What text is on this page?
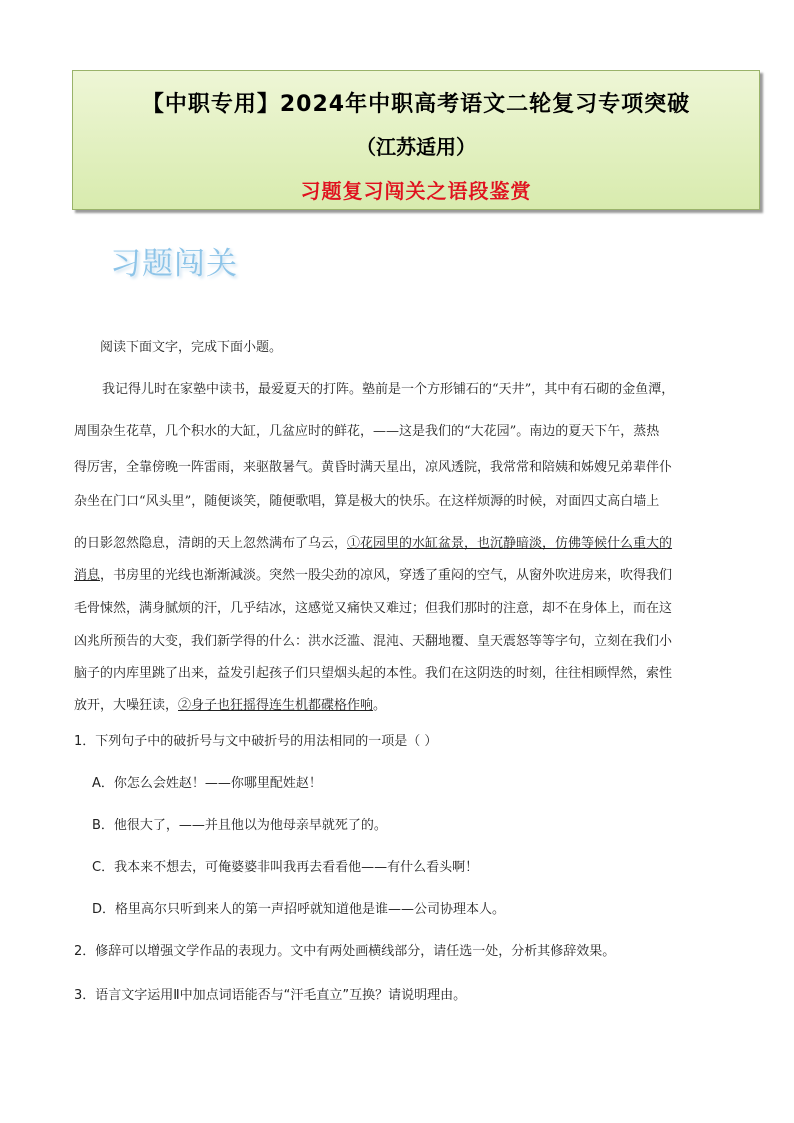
【中职专用】2024年中职高考语文二轮复习专项突破
（江苏适用）
习题复习闯关之语段鉴赏
习题闯关
阅读下面文字，完成下面小题。
我记得儿时在家塾中读书，最爱夏天的打阵。塾前是一个方形铺石的“天井”，其中有石砌的金鱼潭，
周围杂生花草，几个积水的大缸，几盆应时的鲜花，——这是我们的“大花园”。南边的夏天下午，蒸热
得厉害，全靠傍晚一阵雷雨，来驱散暑气。黄昏时满天星出，凉风透院，我常常和陪姨和姊嫂兄弟辈伴仆
杂坐在门口“风头里”，随便谈笑，随便歌唱，算是极大的快乐。在这样烦溽的时候，对面四丈高白墙上
的日影忽然隐息，清朗的天上忽然满布了乌云，①花园里的水缸盆景，也沉静暗淡，仿佛等候什么重大的
消息，书房里的光线也渐渐減淡。突然一股尖劲的凉风，穿透了重闷的空气，从窗外吹进房来，吹得我们
毛骨悚然，满身腻烦的汗，几乎结冰，这感觉又痛快又难过；但我们那时的注意，却不在身体上，而在这
凶兆所预告的大变，我们新学得的什么：洪水泛滥、混沌、天翻地覆、皇天震怒等等字句，立刻在我们小
脑子的内库里跳了出来，益发引起孩子们只望烟头起的本性。我们在这阴迭的时刻，往往相顾悍然，索性
放开，大噪狂读，②身子也狂摇得连生机都碟格作响。
1．下列句子中的破折号与文中破折号的用法相同的一项是（ ）
A．你怎么会姓赵！——你哪里配姓赵！
B．他很大了，——并且他以为他母亲早就死了的。
C．我本来不想去，可俺婆婆非叫我再去看看他——有什么看头啊！
D．格里高尔只听到来人的第一声招呼就知道他是谁——公司协理本人。
2．修辞可以增强文学作品的表现力。文中有两处画横线部分，请任选一处，分析其修辞效果。
3．语言文字运用Ⅱ中加点词语能否与“汗毛直立”互换？请说明理由。
